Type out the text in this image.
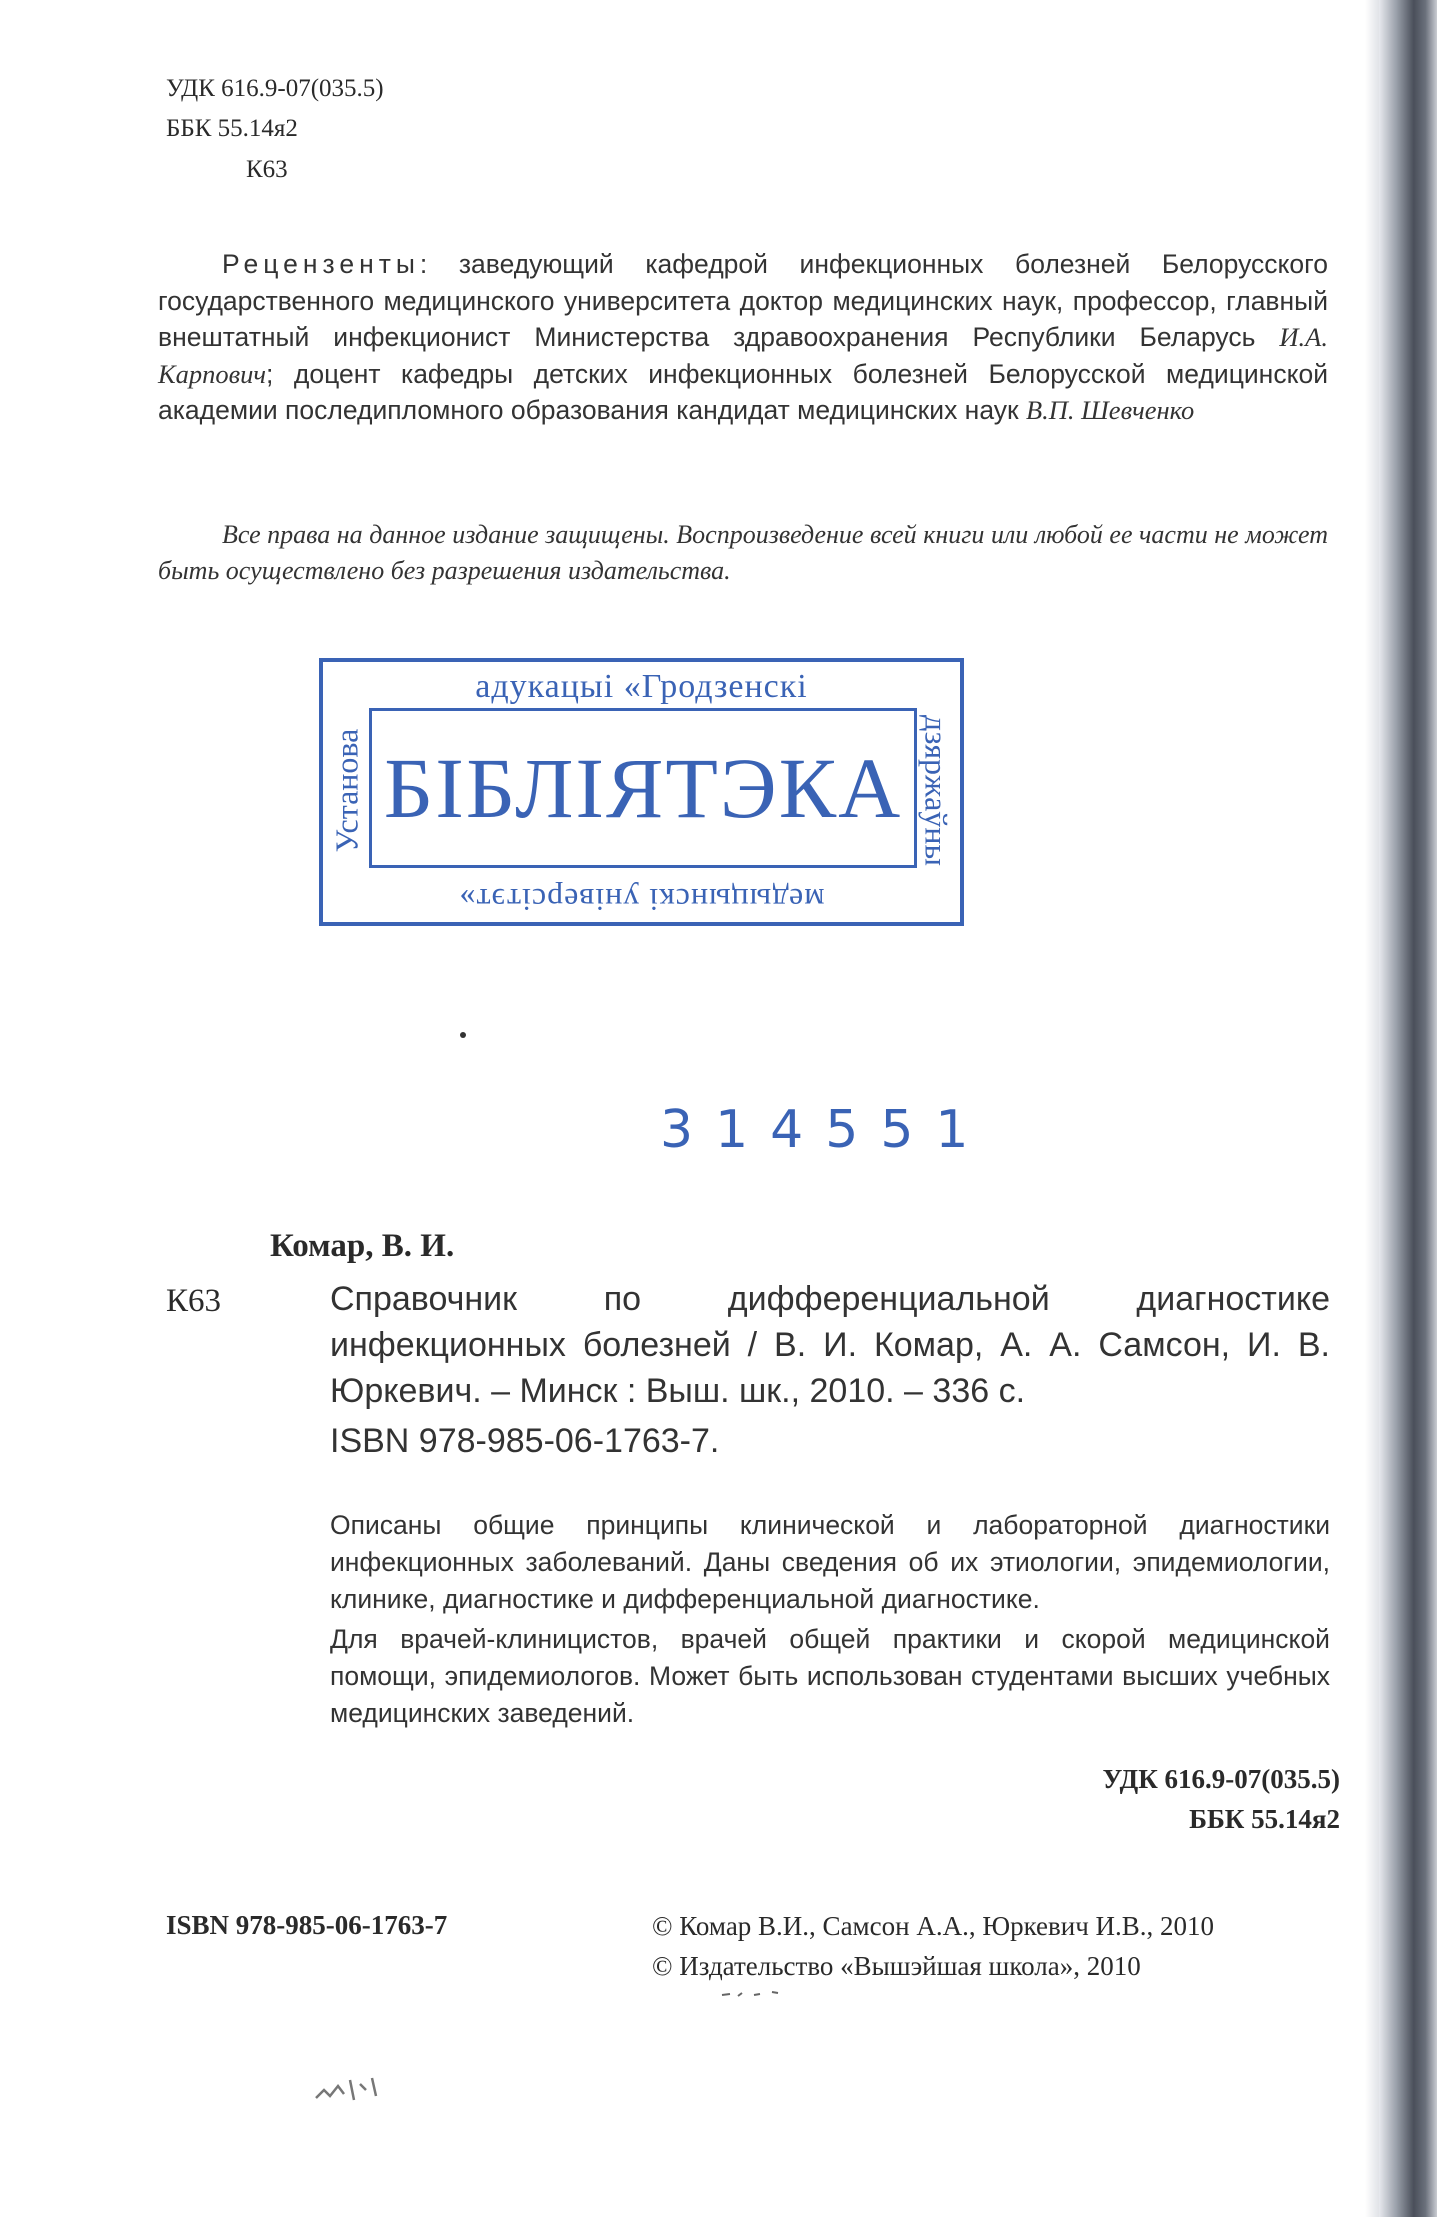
УДК 616.9-07(035.5)
ББК 55.14я2
К63
Рецензенты: заведующий кафедрой инфекционных болезней Белорусского государственного медицинского университета доктор медицинских наук, профессор, главный внештатный инфекционист Министерства здравоохранения Республики Беларусь И.А. Карпович; доцент кафедры детских инфекционных болезней Белорусской медицинской академии последипломного образования кандидат медицинских наук В.П. Шевченко
Все права на данное издание защищены. Воспроизведение всей книги или любой ее части не может быть осуществлено без разрешения издательства.
адукацыі «Гродзенскі
Установа	дзяржаўны
БІБЛІЯТЭКА
медыцынскі універсітэт»
314551
Комар, В. И.
К63	Справочник по дифференциальной диагностике инфекционных болезней / В. И. Комар, А. А. Самсон, И. В. Юркевич. – Минск : Выш. шк., 2010. – 336 с.
ISBN 978-985-06-1763-7.

Описаны общие принципы клинической и лабораторной диагностики инфекционных заболеваний. Даны сведения об их этиологии, эпидемиологии, клинике, диагностике и дифференциальной диагностике.

Для врачей-клиницистов, врачей общей практики и скорой медицинской помощи, эпидемиологов. Может быть использован студентами высших учебных медицинских заведений.

УДК 616.9-07(035.5)
ББК 55.14я2
ISBN 978-985-06-1763-7	© Комар В.И., Самсон А.А., Юркевич И.В., 2010
© Издательство «Вышэйшая школа», 2010
